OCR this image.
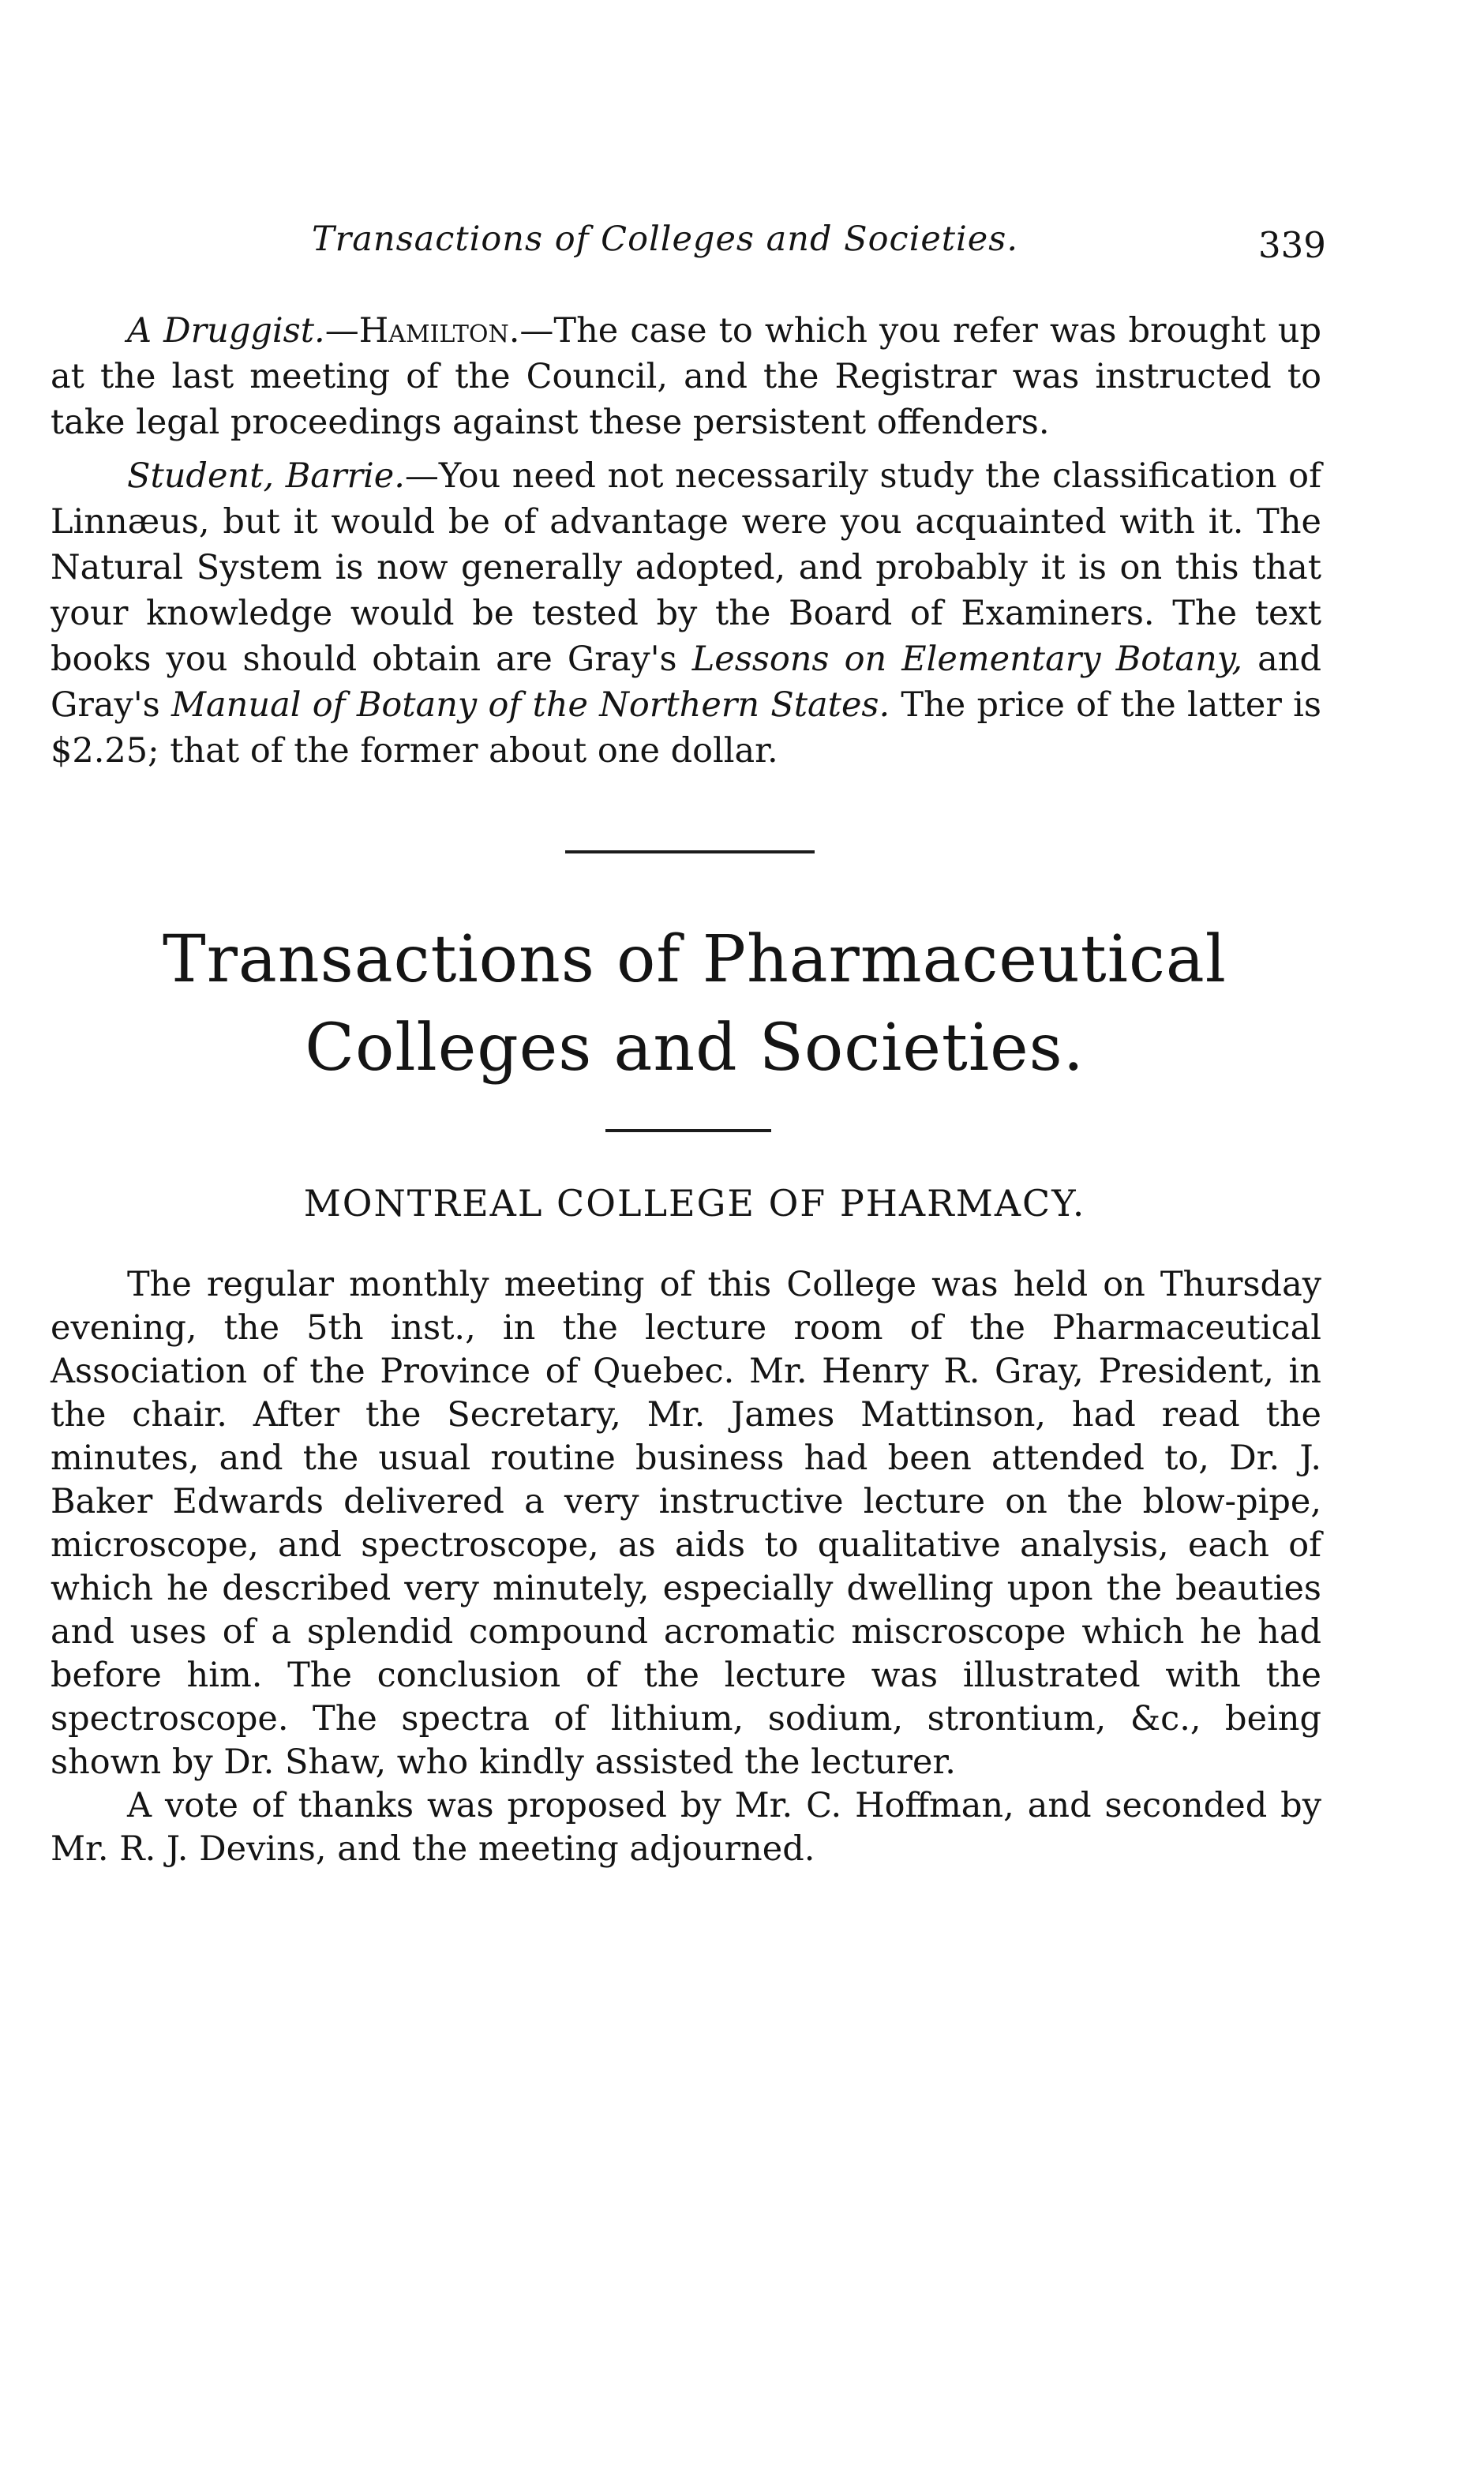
Transactions of Colleges and Societies.	339

A Druggist.—Hamilton.—The case to which you refer was brought up at the last meeting of the Council, and the Registrar was instructed to take legal proceedings against these persistent offenders.

Student, Barrie.—You need not necessarily study the classification of Linnæus, but it would be of advantage were you acquainted with it. The Natural System is now generally adopted, and probably it is on this that your knowledge would be tested by the Board of Examiners. The text books you should obtain are Gray's Lessons on Elementary Botany, and Gray's Manual of Botany of the Northern States. The price of the latter is $2.25; that of the former about one dollar.

Transactions of Pharmaceutical
Colleges and Societies.
MONTREAL COLLEGE OF PHARMACY.

The regular monthly meeting of this College was held on Thursday evening, the 5th inst., in the lecture room of the Pharmaceutical Association of the Province of Quebec. Mr. Henry R. Gray, President, in the chair. After the Secretary, Mr. James Mattinson, had read the minutes, and the usual routine business had been attended to, Dr. J. Baker Edwards delivered a very instructive lecture on the blow-pipe, microscope, and spectroscope, as aids to qualitative analysis, each of which he described very minutely, especially dwelling upon the beauties and uses of a splendid compound acromatic miscroscope which he had before him. The conclusion of the lecture was illustrated with the spectroscope. The spectra of lithium, sodium, strontium, &c., being shown by Dr. Shaw, who kindly assisted the lecturer.

A vote of thanks was proposed by Mr. C. Hoffman, and seconded by Mr. R. J. Devins, and the meeting adjourned.
